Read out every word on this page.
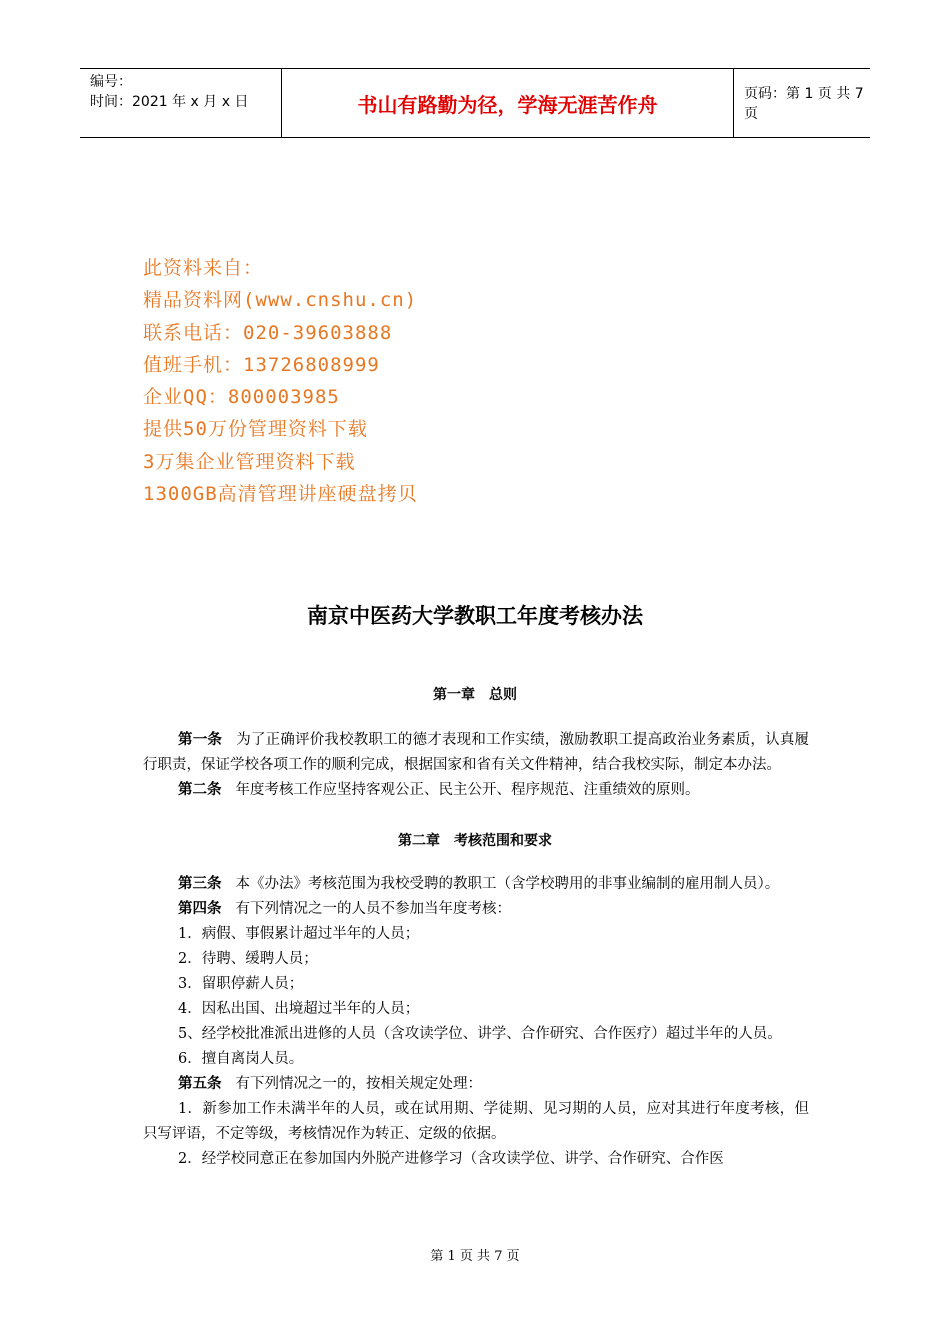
编号：
时间：2021 年 x 月 x 日	书山有路勤为径，学海无涯苦作舟	页码：第 1 页 共 7 页
此资料来自：
精品资料网(www.cnshu.cn)
联系电话：020-39603888
值班手机：13726808999
企业QQ：800003985
提供50万份管理资料下载
3万集企业管理资料下载
1300GB高清管理讲座硬盘拷贝
南京中医药大学教职工年度考核办法
第一章 总则

第一条 为了正确评价我校教职工的德才表现和工作实绩，激励教职工提高政治业务素质，认真履行职责，保证学校各项工作的顺利完成，根据国家和省有关文件精神，结合我校实际，制定本办法。

第二条 年度考核工作应坚持客观公正、民主公开、程序规范、注重绩效的原则。

第二章 考核范围和要求

第三条 本《办法》考核范围为我校受聘的教职工（含学校聘用的非事业编制的雇用制人员）。

第四条 有下列情况之一的人员不参加当年度考核：

1．病假、事假累计超过半年的人员；

2．待聘、缓聘人员；

3．留职停薪人员；

4．因私出国、出境超过半年的人员；

5、经学校批准派出进修的人员（含攻读学位、讲学、合作研究、合作医疗）超过半年的人员。

6．擅自离岗人员。

第五条 有下列情况之一的，按相关规定处理：

1．新参加工作未满半年的人员，或在试用期、学徒期、见习期的人员，应对其进行年度考核，但只写评语，不定等级，考核情况作为转正、定级的依据。

2．经学校同意正在参加国内外脱产进修学习（含攻读学位、讲学、合作研究、合作医

第 1 页 共 7 页
